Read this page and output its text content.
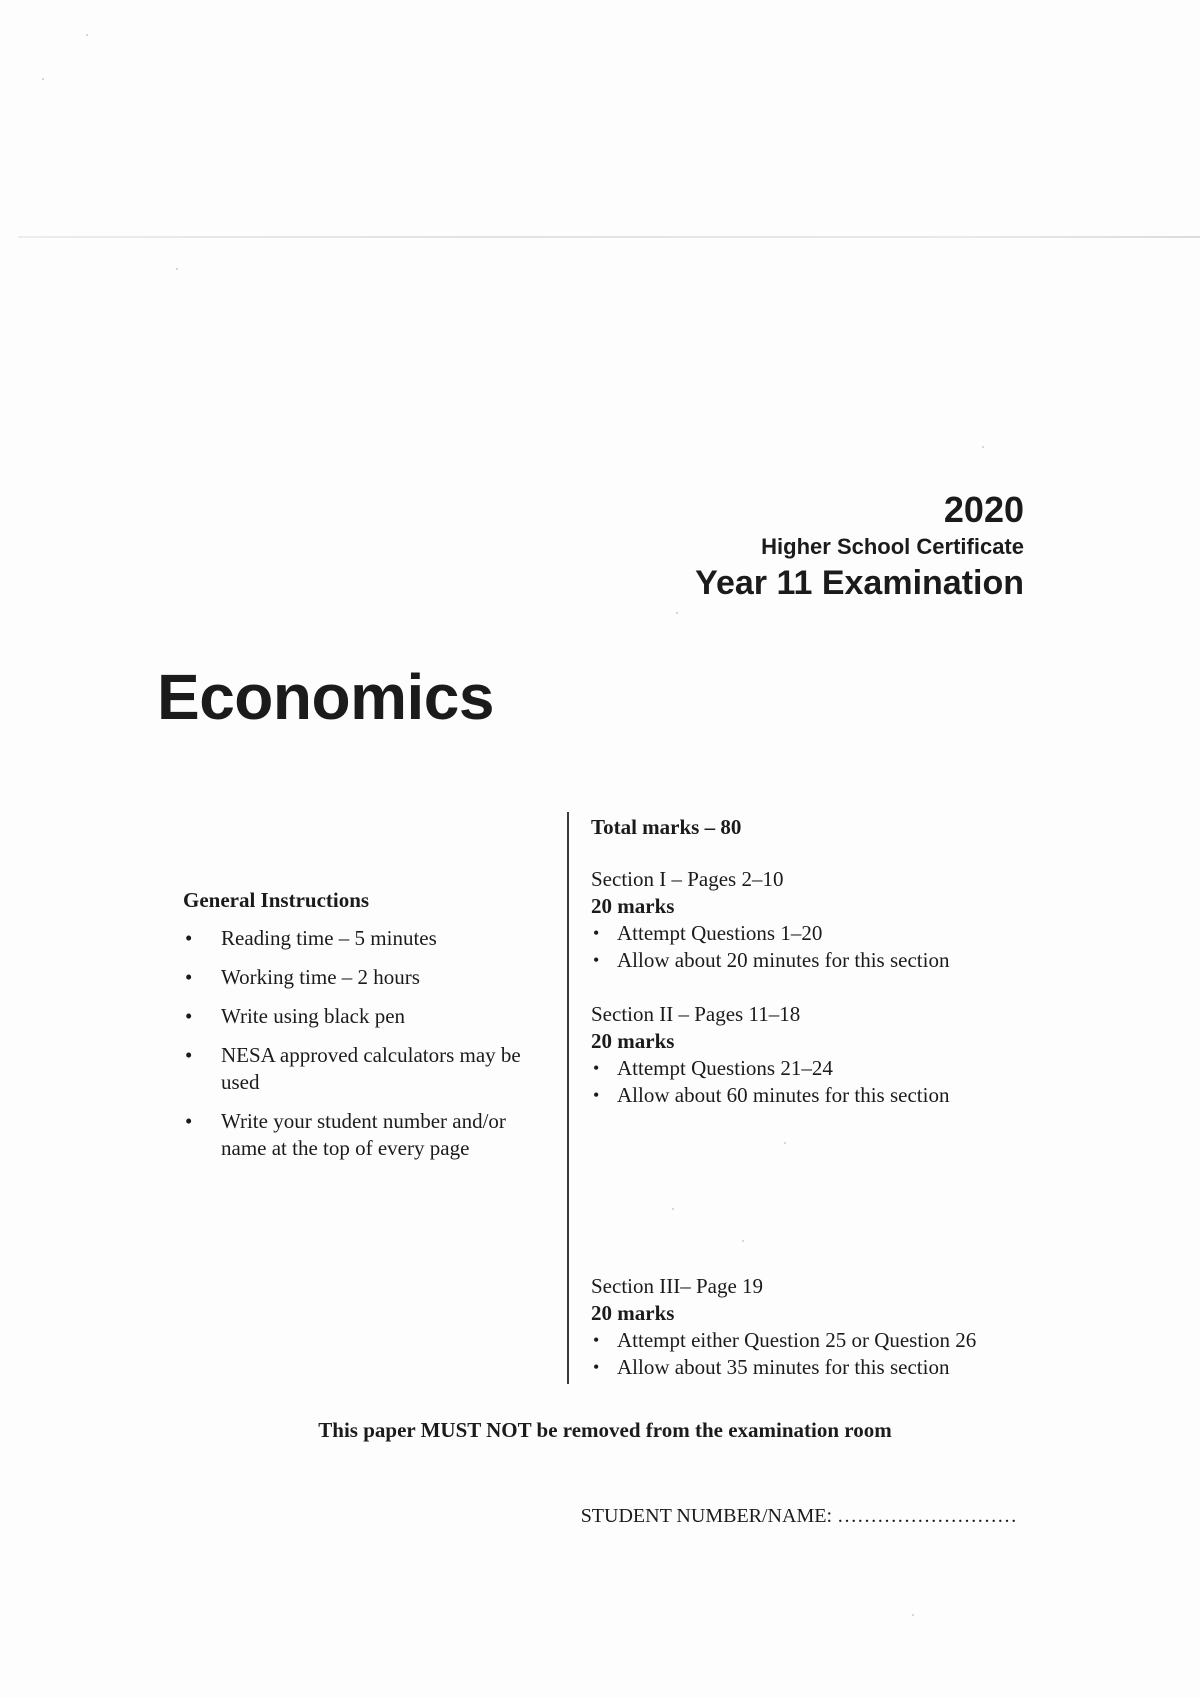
2020
Higher School Certificate
Year 11 Examination
Economics
General Instructions
• Reading time – 5 minutes
• Working time – 2 hours
• Write using black pen
• NESA approved calculators may be used
• Write your student number and/or name at the top of every page
Total marks – 80
Section I – Pages 2–10
20 marks
• Attempt Questions 1–20
• Allow about 20 minutes for this section
Section II – Pages 11–18
20 marks
• Attempt Questions 21–24
• Allow about 60 minutes for this section
Section III– Page 19
20 marks
• Attempt either Question 25 or Question 26
• Allow about 35 minutes for this section
This paper MUST NOT be removed from the examination room
STUDENT NUMBER/NAME: ………………………
